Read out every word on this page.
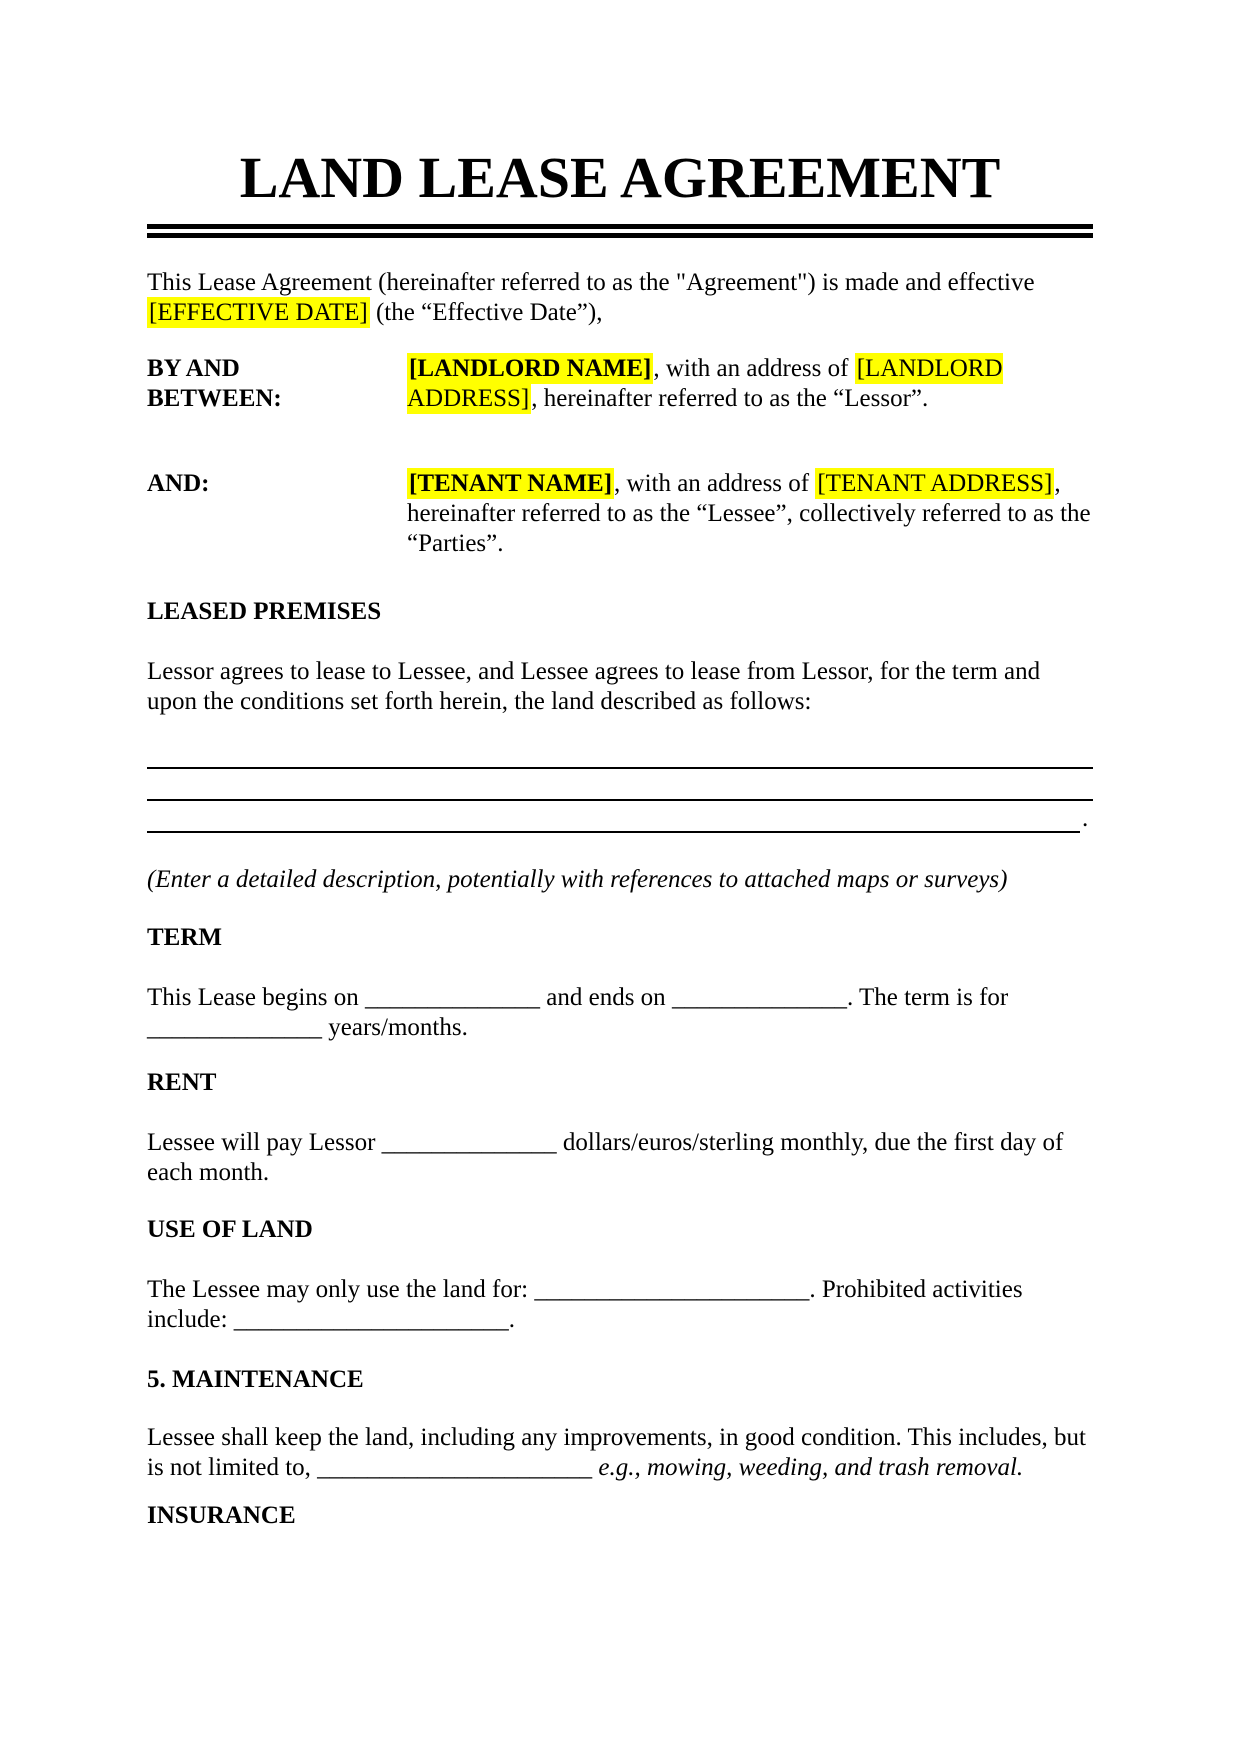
LAND LEASE AGREEMENT

This Lease Agreement (hereinafter referred to as the "Agreement") is made and effective [EFFECTIVE DATE] (the “Effective Date”),

BY AND
BETWEEN:
[LANDLORD NAME], with an address of [LANDLORD ADDRESS], hereinafter referred to as the “Lessor”.
AND:	[TENANT NAME], with an address of [TENANT ADDRESS], hereinafter referred to as the “Lessee”, collectively referred to as the “Parties”.
LEASED PREMISES

Lessor agrees to lease to Lessee, and Lessee agrees to lease from Lessor, for the term and upon the conditions set forth herein, the land described as follows:

.

(Enter a detailed description, potentially with references to attached maps or surveys)

TERM

This Lease begins on ______________ and ends on ______________. The term is for ______________ years/months.

RENT

Lessee will pay Lessor ______________ dollars/euros/sterling monthly, due the first day of each month.

USE OF LAND

The Lessee may only use the land for: ______________________. Prohibited activities include: ______________________.

5. MAINTENANCE

Lessee shall keep the land, including any improvements, in good condition. This includes, but is not limited to, ______________________ e.g., mowing, weeding, and trash removal.

INSURANCE
